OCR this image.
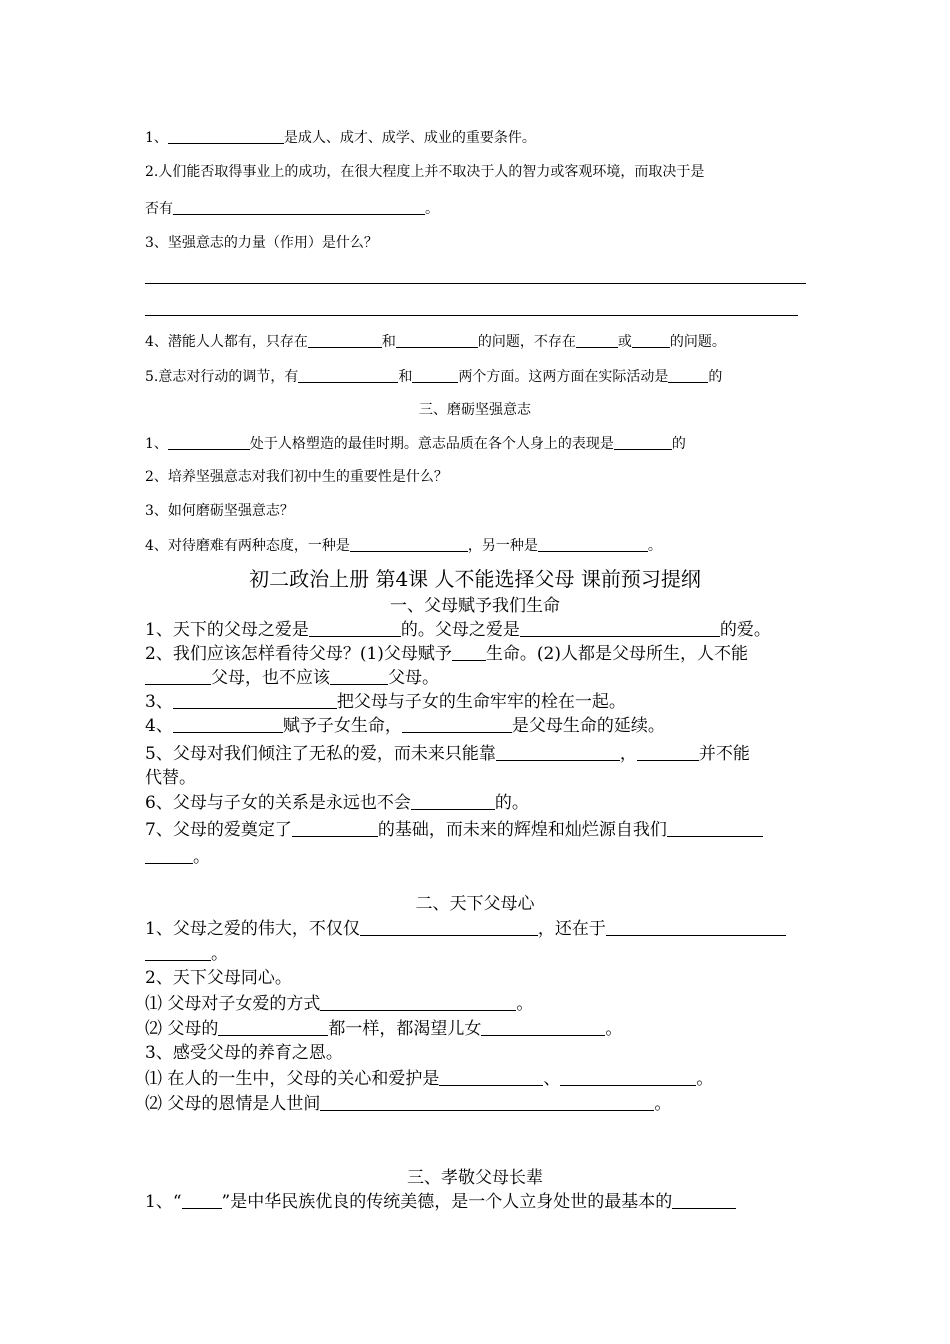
1、	是成人、成才、成学、成业的重要条件。
2.人们能否取得事业上的成功，在很大程度上并不取决于人的智力或客观环境，而取决于是
否有	。
3、坚强意志的力量（作用）是什么？
4、潜能人人都有，只存在	和	的问题，不存在	或	的问题。
5.意志对行动的调节，有	和	两个方面。这两方面在实际活动是	的
三、磨砺坚强意志
1、	处于人格塑造的最佳时期。意志品质在各个人身上的表现是	的
2、培养坚强意志对我们初中生的重要性是什么？
3、如何磨砺坚强意志？
4、对待磨难有两种态度，一种是	，另一种是	。
初二政治上册 第4课 人不能选择父母 课前预习提纲
一、父母赋予我们生命
1、天下的父母之爱是	的。父母之爱是	的爱。
2、我们应该怎样看待父母？(1)父母赋予 生命。(2)人都是父母所生，人不能
父母，也不应该	父母。
3、	把父母与子女的生命牢牢的栓在一起。
4、	赋予子女生命，	是父母生命的延续。
5、父母对我们倾注了无私的爱，而未来只能靠	，	并不能
代替。
6、父母与子女的关系是永远也不会	的。
7、父母的爱奠定了	的基础，而未来的辉煌和灿烂源自我们
。
二、天下父母心
1、父母之爱的伟大，不仅仅	，还在于
。
2、天下父母同心。
⑴ 父母对子女爱的方式	。
⑵ 父母的	都一样，都渴望儿女	。
3、感受父母的养育之恩。
⑴ 在人的一生中，父母的关心和爱护是	、	。
⑵ 父母的恩情是人世间	。
三、孝敬父母长辈
1、“ ”是中华民族优良的传统美德，是一个人立身处世的最基本的
